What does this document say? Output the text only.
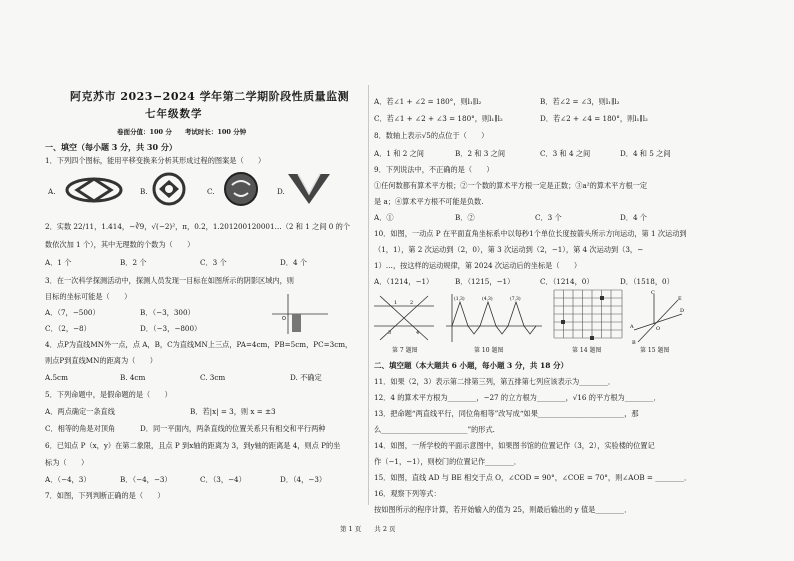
阿克苏市 2023−2024 学年第二学期阶段性质量监测
七年级数学
卷面分值：100 分　　考试时长：100 分钟
一、填空（每小题 3 分，共 30 分）
1．下列四个图标，能用平移变换来分析其形成过程的图案是（　　）
A.	B.	C.	D.
2．实数 22/11，1.414，−∛9，√(−2)²，π，0.2，1.201200120001…（2 和 1 之间 0 的个
数依次加 1 个），其中无理数的个数为（　　）
A．1 个	B．2 个	C．3 个	D．4 个
3．在一次科学探测活动中，探测人员发现一目标在如图所示的阴影区域内，则
目标的坐标可能是（　　）
A．（7，−500）	B．（−3，300）
C．（2，−8）	D．（−3，−800）
O
4．点P为直线MN外一点，点 A，B，C为直线MN上三点，PA=4cm，PB=5cm，PC=3cm，
则点P到直线MN的距离为（　　）
A.5cm	B. 4cm	C. 3cm	D. 不确定
5．下列命题中，是假命题的是（　　）
A．两点确定一条直线	B．若|x| = 3，则 x = ±3
C．相等的角是对顶角	D．同一平面内，两条直线的位置关系只有相交和平行两种
6．已知点 P（x，y）在第二象限，且点 P 到x轴的距离为 3，到y轴的距离是 4，则点 P的坐
标为（　　）
A．（−4，3）	B．（−4，−3）	C．（3，−4）	D．（4，−3）
7．如图，下列判断正确的是（　　）
A．若∠1 + ∠2 = 180°，则l₁∥l₂	B．若∠2 = ∠3，则l₁∥l₂
C．若∠1 + ∠2 + ∠3 = 180°，则l₁∥l₂	D．若∠2 + ∠4 = 180°，则l₁∥l₂
8．数轴上表示√5的点位于（　　）
A．1 和 2 之间	B．2 和 3 之间	C．3 和 4 之间	D．4 和 5 之间
9．下列说法中，不正确的是（　　）
①任何数都有算术平方根；②一个数的算术平方根一定是正数；③a²的算术平方根一定
是 a；④算术平方根不可能是负数.
A．①	B．②	C．3 个	D．4 个
10．如图，一动点 P 在平面直角坐标系中以每秒1个单位长度按箭头所示方向运动，第 1 次运动到
（1，1），第 2 次运动到（2，0），第 3 次运动到（2，−1），第 4 次运动到（3，−
1）…，按这样的运动规律，第 2024 次运动后的坐标是（　　）
A．（1214，−1）	B．（1215，−1）	C．（1214，0）	D．（1518，0）
1	2
3	4
第 7 题图
(1,3)	(4,3)	(7,3)
第 10 题图	第 14 题图
C
D
E
A	O
B
第 15 题图
二、填空题（本大题共 6 小题，每小题 3 分，共 18 分）
11．如果（2，3）表示第二排第三列，第五排第七列应该表示为________．
12．4 的算术平方根为________，−27 的立方根为________，√16 的平方根为________．
13．把命题“两直线平行，同位角相等”改写成“如果________________________，那
么________________________”的形式.
14．如图，一所学校的平面示意图中，如果图书馆的位置记作（3，2），实验楼的位置记
作（−1，−1），则校门的位置记作________．
15．如图，直线 AD 与 BE 相交于点 O，∠COD = 90°，∠COE = 70°，则∠AOB = ________．
16．观察下列等式：
按如图所示的程序计算，若开始输入的值为 25，则最后输出的 y 值是________．
第 1 页　　共 2 页
